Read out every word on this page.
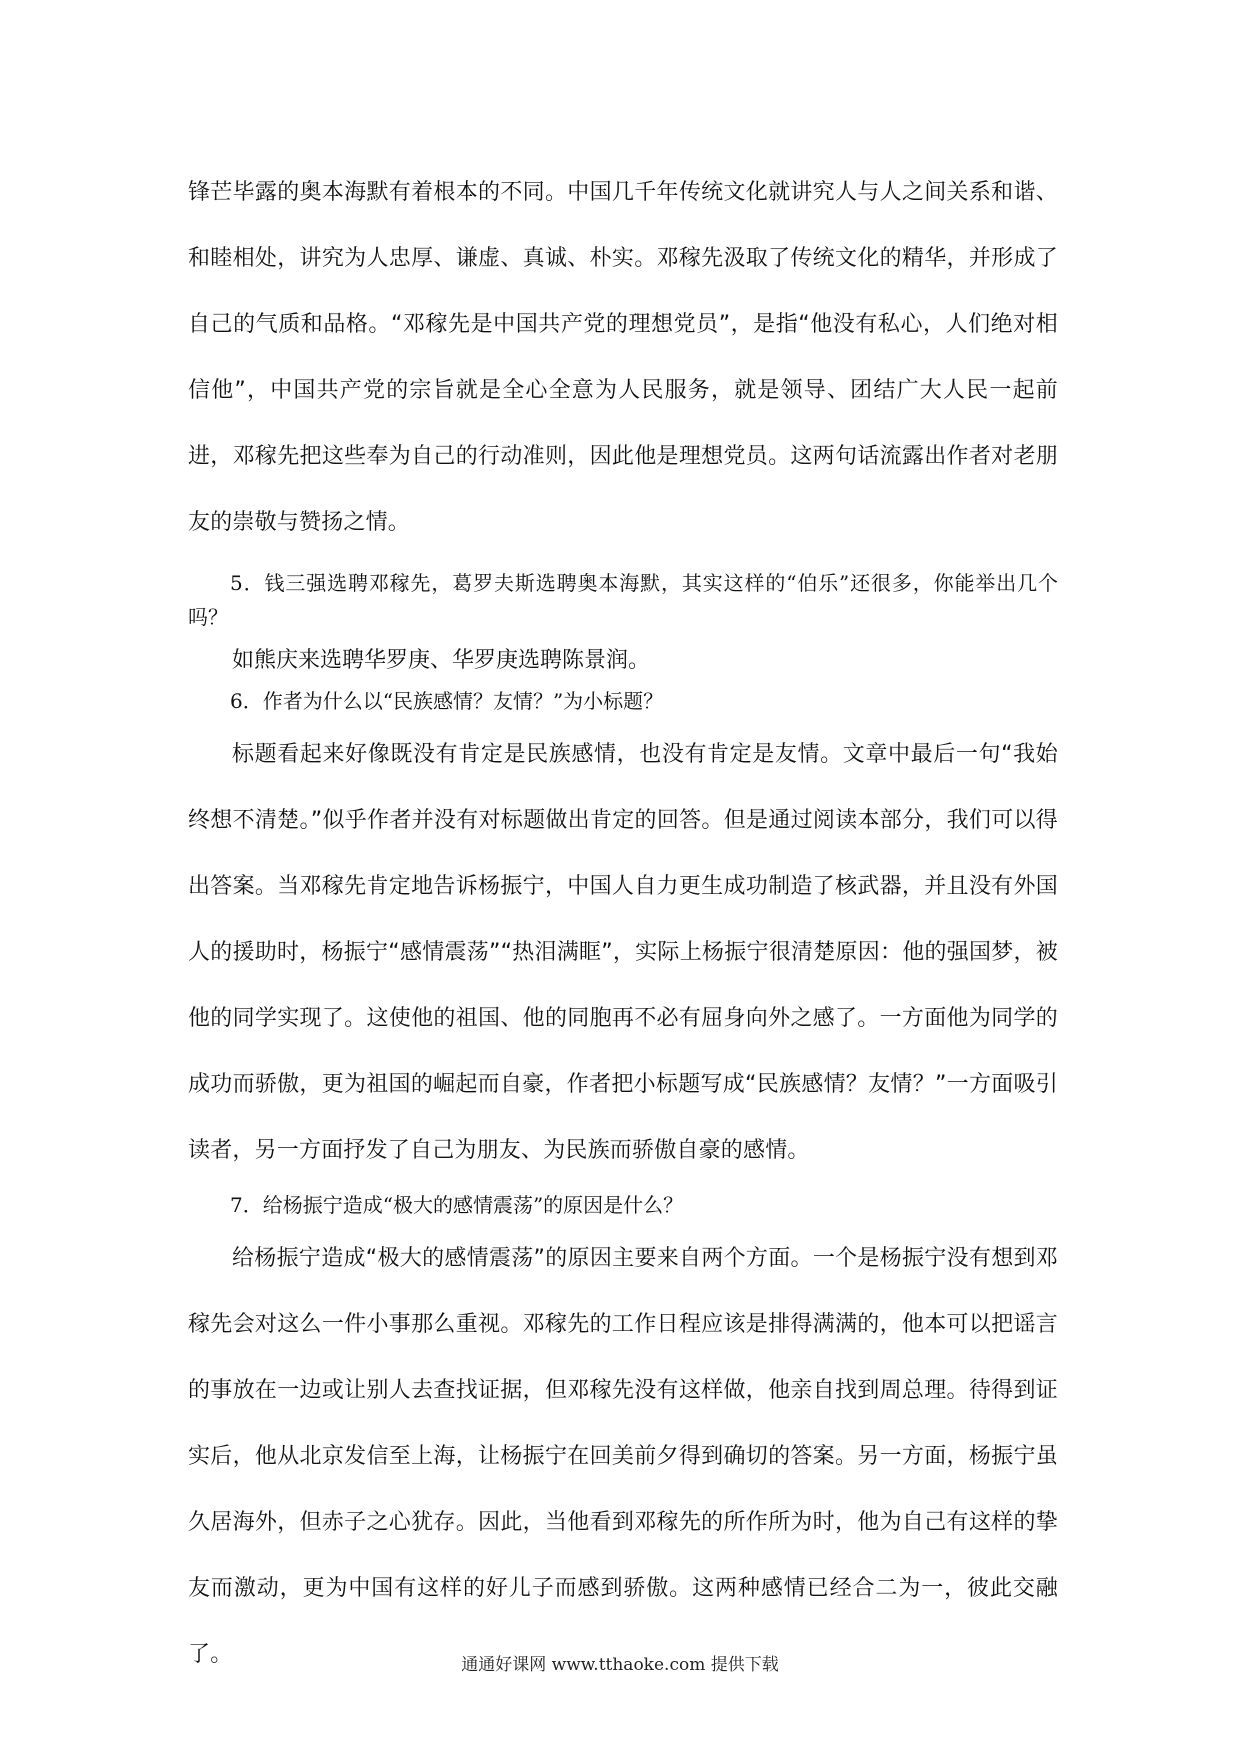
锋芒毕露的奥本海默有着根本的不同。中国几千年传统文化就讲究人与人之间关系和谐、和睦相处，讲究为人忠厚、谦虚、真诚、朴实。邓稼先汲取了传统文化的精华，并形成了自己的气质和品格。“邓稼先是中国共产党的理想党员”，是指“他没有私心，人们绝对相信他”，中国共产党的宗旨就是全心全意为人民服务，就是领导、团结广大人民一起前进，邓稼先把这些奉为自己的行动准则，因此他是理想党员。这两句话流露出作者对老朋友的崇敬与赞扬之情。

5．钱三强选聘邓稼先，葛罗夫斯选聘奥本海默，其实这样的“伯乐”还很多，你能举出几个吗？

如熊庆来选聘华罗庚、华罗庚选聘陈景润。

6．作者为什么以“民族感情？友情？”为小标题？

标题看起来好像既没有肯定是民族感情，也没有肯定是友情。文章中最后一句“我始终想不清楚。”似乎作者并没有对标题做出肯定的回答。但是通过阅读本部分，我们可以得出答案。当邓稼先肯定地告诉杨振宁，中国人自力更生成功制造了核武器，并且没有外国人的援助时，杨振宁“感情震荡”“热泪满眶”，实际上杨振宁很清楚原因：他的强国梦，被他的同学实现了。这使他的祖国、他的同胞再不必有屈身向外之感了。一方面他为同学的成功而骄傲，更为祖国的崛起而自豪，作者把小标题写成“民族感情？友情？”一方面吸引读者，另一方面抒发了自己为朋友、为民族而骄傲自豪的感情。

7．给杨振宁造成“极大的感情震荡”的原因是什么？

给杨振宁造成“极大的感情震荡”的原因主要来自两个方面。一个是杨振宁没有想到邓稼先会对这么一件小事那么重视。邓稼先的工作日程应该是排得满满的，他本可以把谣言的事放在一边或让别人去查找证据，但邓稼先没有这样做，他亲自找到周总理。待得到证实后，他从北京发信至上海，让杨振宁在回美前夕得到确切的答案。另一方面，杨振宁虽久居海外，但赤子之心犹存。因此，当他看到邓稼先的所作所为时，他为自己有这样的挚友而激动，更为中国有这样的好儿子而感到骄傲。这两种感情已经合二为一，彼此交融了。	通通好课网 www.tthaoke.com 提供下载
